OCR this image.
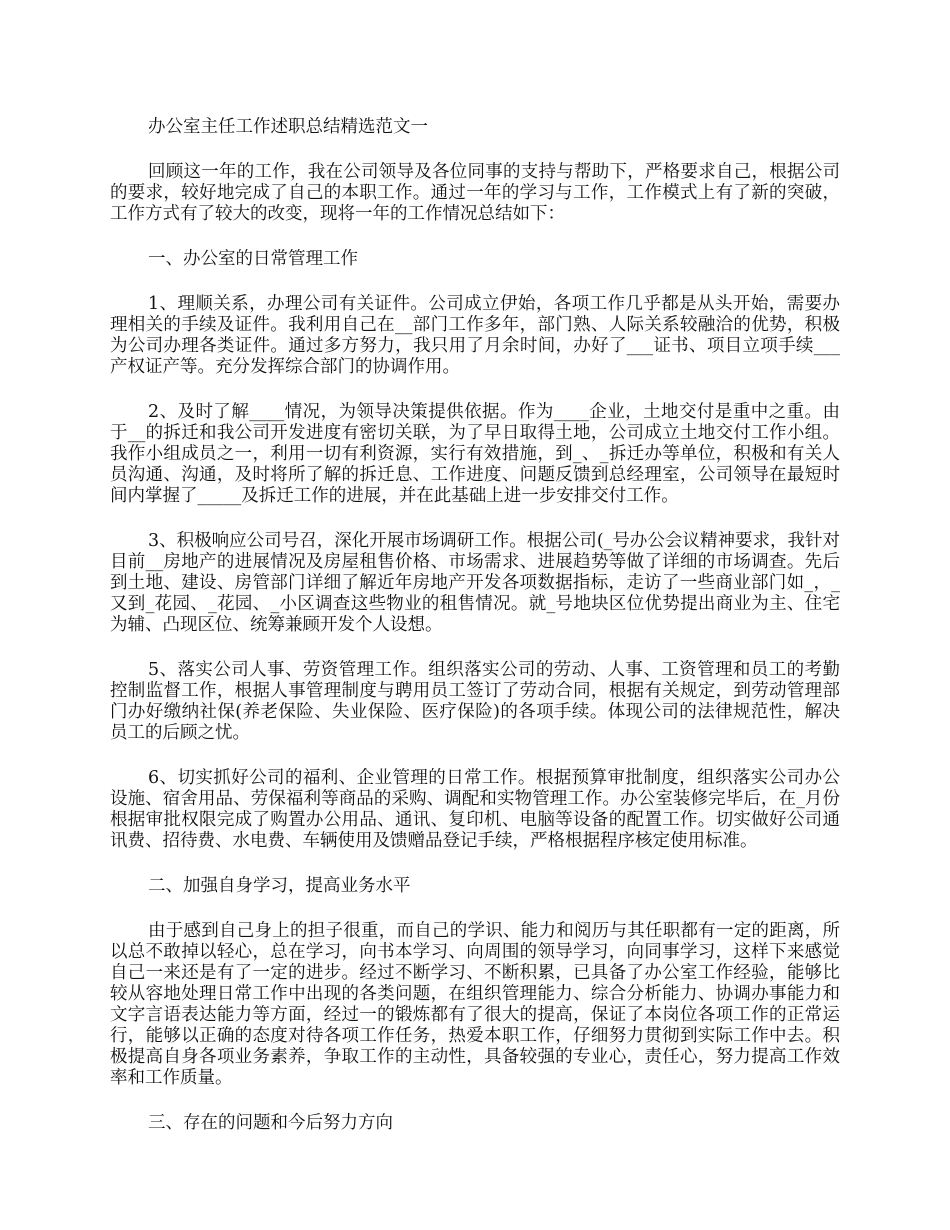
办公室主任工作述职总结精选范文一

回顾这一年的工作，我在公司领导及各位同事的支持与帮助下，严格要求自己，根据公司的要求，较好地完成了自己的本职工作。通过一年的学习与工作，工作模式上有了新的突破，工作方式有了较大的改变，现将一年的工作情况总结如下：

一、办公室的日常管理工作

1、理顺关系，办理公司有关证件。公司成立伊始，各项工作几乎都是从头开始，需要办理相关的手续及证件。我利用自己在__部门工作多年，部门熟、人际关系较融洽的优势，积极为公司办理各类证件。通过多方努力，我只用了月余时间，办好了___证书、项目立项手续___产权证产等。充分发挥综合部门的协调作用。

2、及时了解____情况，为领导决策提供依据。作为____企业，土地交付是重中之重。由于__的拆迁和我公司开发进度有密切关联，为了早日取得土地，公司成立土地交付工作小组。我作小组成员之一，利用一切有利资源，实行有效措施，到_、_拆迁办等单位，积极和有关人员沟通、沟通，及时将所了解的拆迁息、工作进度、问题反馈到总经理室，公司领导在最短时间内掌握了_____及拆迁工作的进展，并在此基础上进一步安排交付工作。

3、积极响应公司号召，深化开展市场调研工作。根据公司(_号办公会议精神要求，我针对目前__房地产的进展情况及房屋租售价格、市场需求、进展趋势等做了详细的市场调查。先后到土地、建设、房管部门详细了解近年房地产开发各项数据指标，走访了一些商业部门如_，_又到_花园、_花园、_小区调查这些物业的租售情况。就_号地块区位优势提出商业为主、住宅为辅、凸现区位、统筹兼顾开发个人设想。

5、落实公司人事、劳资管理工作。组织落实公司的劳动、人事、工资管理和员工的考勤控制监督工作，根据人事管理制度与聘用员工签订了劳动合同，根据有关规定，到劳动管理部门办好缴纳社保(养老保险、失业保险、医疗保险)的各项手续。体现公司的法律规范性，解决员工的后顾之忧。

6、切实抓好公司的福利、企业管理的日常工作。根据预算审批制度，组织落实公司办公设施、宿舍用品、劳保福利等商品的采购、调配和实物管理工作。办公室装修完毕后，在_月份根据审批权限完成了购置办公用品、通讯、复印机、电脑等设备的配置工作。切实做好公司通讯费、招待费、水电费、车辆使用及馈赠品登记手续，严格根据程序核定使用标准。

二、加强自身学习，提高业务水平

由于感到自己身上的担子很重，而自己的学识、能力和阅历与其任职都有一定的距离，所以总不敢掉以轻心，总在学习，向书本学习、向周围的领导学习，向同事学习，这样下来感觉自己一来还是有了一定的进步。经过不断学习、不断积累，已具备了办公室工作经验，能够比较从容地处理日常工作中出现的各类问题，在组织管理能力、综合分析能力、协调办事能力和文字言语表达能力等方面，经过一的锻炼都有了很大的提高，保证了本岗位各项工作的正常运行，能够以正确的态度对待各项工作任务，热爱本职工作，仔细努力贯彻到实际工作中去。积极提高自身各项业务素养，争取工作的主动性，具备较强的专业心，责任心，努力提高工作效率和工作质量。

三、存在的问题和今后努力方向
